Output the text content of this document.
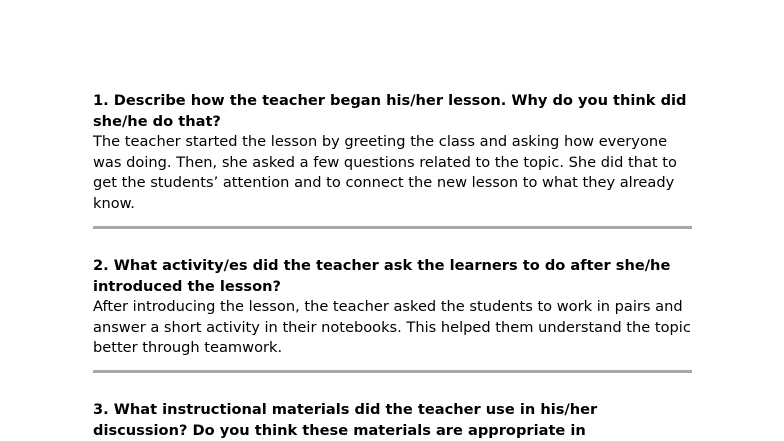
1. Describe how the teacher began his/her lesson. Why do you think did she/he do that?

The teacher started the lesson by greeting the class and asking how everyone was doing. Then, she asked a few questions related to the topic. She did that to get the students’ attention and to connect the new lesson to what they already know.

2. What activity/es did the teacher ask the learners to do after she/he introduced the lesson?

After introducing the lesson, the teacher asked the students to work in pairs and answer a short activity in their notebooks. This helped them understand the topic better through teamwork.

3. What instructional materials did the teacher use in his/her discussion? Do you think these materials are appropriate in
